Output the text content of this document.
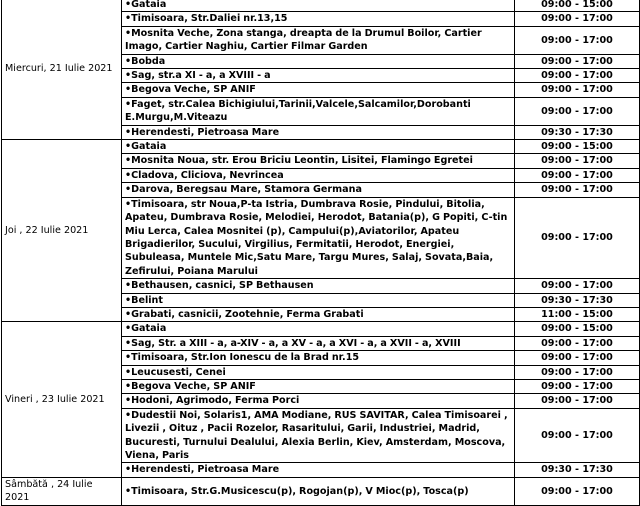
Miercuri, 21 Iulie 2021	•Gataia	09:00 - 15:00
	•Timisoara, Str.Daliei nr.13,15	09:00 - 17:00
	•Mosnita Veche, Zona stanga, dreapta de la Drumul Boilor, Cartier Imago, Cartier Naghiu, Cartier Filmar Garden	09:00 - 17:00
	•Bobda	09:00 - 17:00
	•Sag, str.a XI - a, a XVIII - a	09:00 - 17:00
	•Begova Veche, SP ANIF	09:00 - 17:00
	•Faget, str.Calea Bichigiului,Tarinii,Valcele,Salcamilor,Dorobanti E.Murgu,M.Viteazu	09:00 - 17:00
	•Herendesti, Pietroasa Mare	09:30 - 17:30
Joi , 22 Iulie 2021	•Gataia	09:00 - 15:00
	•Mosnita Noua, str. Erou Briciu Leontin, Lisitei, Flamingo Egretei	09:00 - 17:00
	•Cladova, Cliciova, Nevrincea	09:00 - 17:00
	•Darova, Beregsau Mare, Stamora Germana	09:00 - 17:00
	•Timisoara, str Noua,P-ta Istria, Dumbrava Rosie, Pindului, Bitolia, Apateu, Dumbrava Rosie, Melodiei, Herodot, Batania(p), G Popiti, C-tin Miu Lerca, Calea Mosnitei (p), Campului(p),Aviatorilor, Apateu Brigadierilor, Sucului, Virgilius, Fermitatii, Herodot, Energiei, Subuleasa, Muntele Mic,Satu Mare, Targu Mures, Salaj, Sovata,Baia, Zefirului, Poiana Marului	09:00 - 17:00
	•Bethausen, casnici, SP Bethausen	09:00 - 17:00
	•Belint	09:30 - 17:30
	•Grabati, casnicii, Zootehnie, Ferma Grabati	11:00 - 15:00
Vineri , 23 Iulie 2021	•Gataia	09:00 - 15:00
	•Sag, Str. a XIII - a, a-XIV - a, a XV - a, a XVI - a, a XVII - a, XVIII	09:00 - 17:00
	•Timisoara, Str.Ion Ionescu de la Brad nr.15	09:00 - 17:00
	•Leucusesti, Cenei	09:00 - 17:00
	•Begova Veche, SP ANIF	09:00 - 17:00
	•Hodoni, Agrimodo, Ferma Porci	09:00 - 17:00
	•Dudestii Noi, Solaris1, AMA Modiane, RUS SAVITAR, Calea Timisoarei , Livezii , Oituz , Pacii Rozelor, Rasaritului, Garii, Industriei, Madrid, Bucuresti, Turnului Dealului, Alexia Berlin, Kiev, Amsterdam, Moscova, Viena, Paris	09:00 - 17:00
	•Herendesti, Pietroasa Mare	09:30 - 17:30
Sâmbătă , 24 Iulie 2021	•Timisoara, Str.G.Musicescu(p), Rogojan(p), V Mioc(p), Tosca(p)	09:00 - 17:00
